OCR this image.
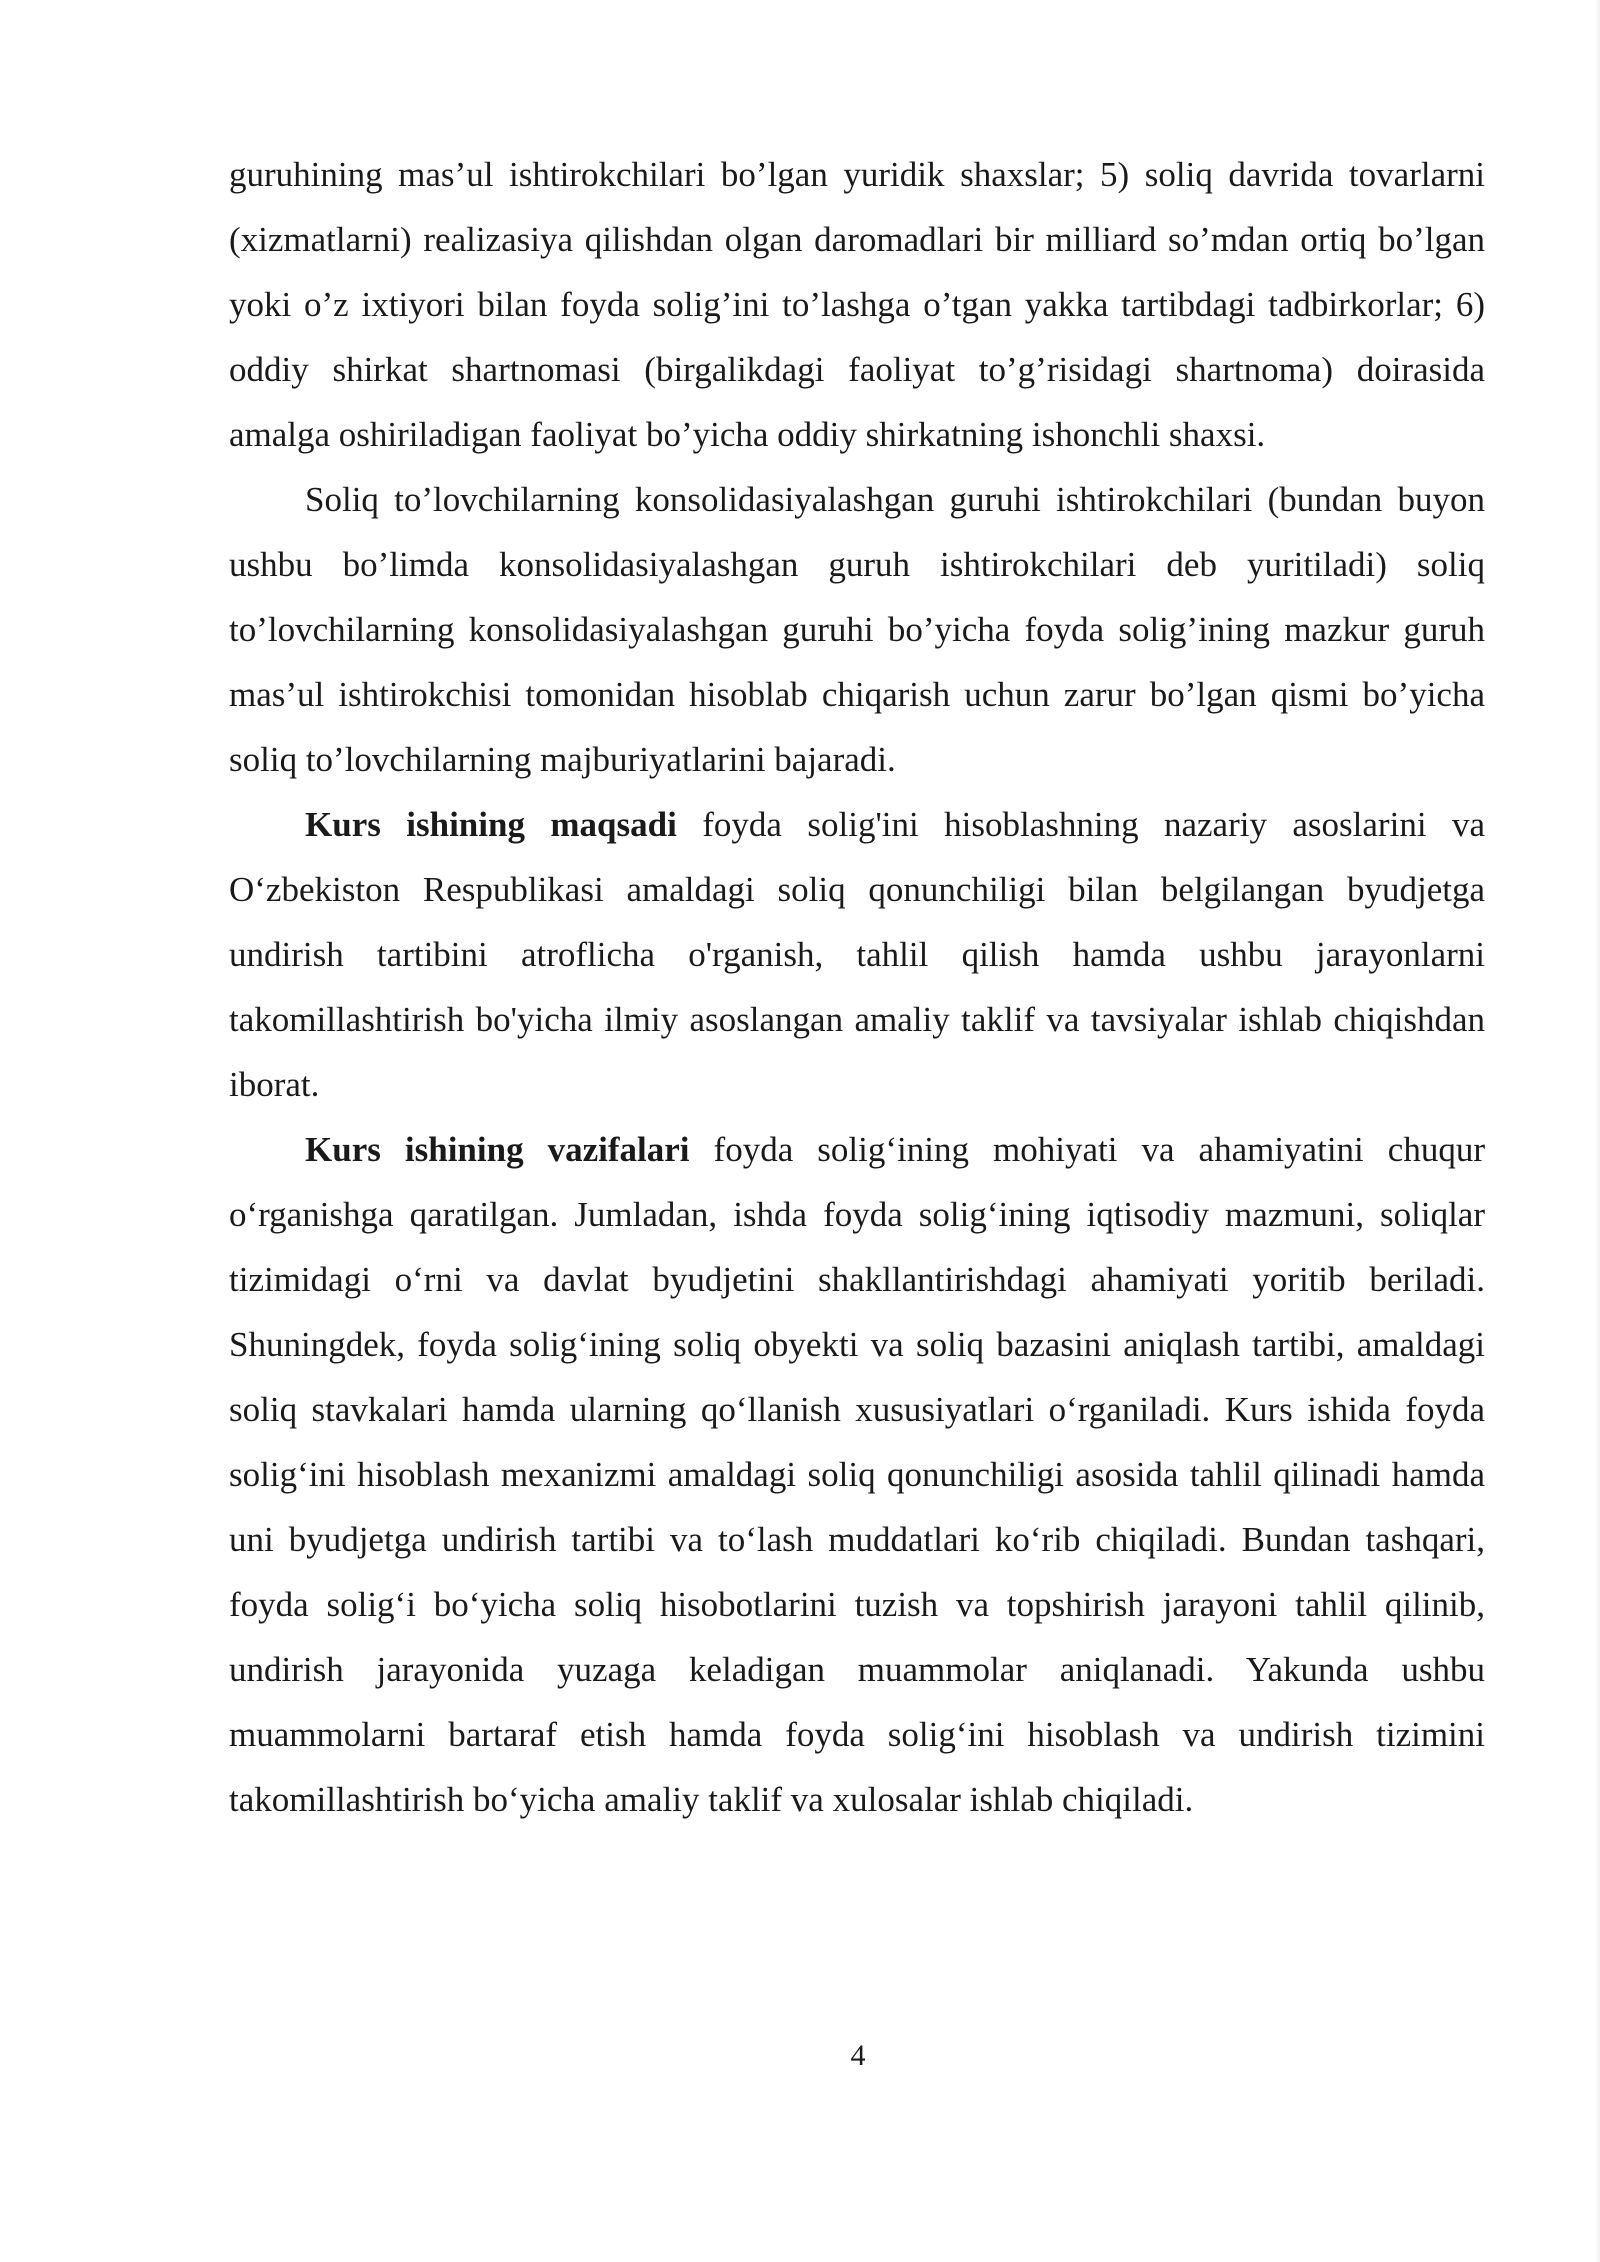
guruhining mas’ul ishtirokchilari bo’lgan yuridik shaxslar; 5) soliq davrida tovarlarni (xizmatlarni) realizasiya qilishdan olgan daromadlari bir milliard so’mdan ortiq bo’lgan yoki o’z ixtiyori bilan foyda solig’ini to’lashga o’tgan yakka tartibdagi tadbirkorlar; 6) oddiy shirkat shartnomasi (birgalikdagi faoliyat to’g’risidagi shartnoma) doirasida amalga oshiriladigan faoliyat bo’yicha oddiy shirkatning ishonchli shaxsi.

Soliq to’lovchilarning konsolidasiyalashgan guruhi ishtirokchilari (bundan buyon ushbu bo’limda konsolidasiyalashgan guruh ishtirokchilari deb yuritiladi) soliq to’lovchilarning konsolidasiyalashgan guruhi bo’yicha foyda solig’ining mazkur guruh mas’ul ishtirokchisi tomonidan hisoblab chiqarish uchun zarur bo’lgan qismi bo’yicha soliq to’lovchilarning majburiyatlarini bajaradi.

Kurs ishining maqsadi foyda solig'ini hisoblashning nazariy asoslarini va O‘zbekiston Respublikasi amaldagi soliq qonunchiligi bilan belgilangan byudjetga undirish tartibini atroflicha o'rganish, tahlil qilish hamda ushbu jarayonlarni takomillashtirish bo'yicha ilmiy asoslangan amaliy taklif va tavsiyalar ishlab chiqishdan iborat.

Kurs ishining vazifalari foyda solig‘ining mohiyati va ahamiyatini chuqur o‘rganishga qaratilgan. Jumladan, ishda foyda solig‘ining iqtisodiy mazmuni, soliqlar tizimidagi o‘rni va davlat byudjetini shakllantirishdagi ahamiyati yoritib beriladi. Shuningdek, foyda solig‘ining soliq obyekti va soliq bazasini aniqlash tartibi, amaldagi soliq stavkalari hamda ularning qo‘llanish xususiyatlari o‘rganiladi. Kurs ishida foyda solig‘ini hisoblash mexanizmi amaldagi soliq qonunchiligi asosida tahlil qilinadi hamda uni byudjetga undirish tartibi va to‘lash muddatlari ko‘rib chiqiladi. Bundan tashqari, foyda solig‘i bo‘yicha soliq hisobotlarini tuzish va topshirish jarayoni tahlil qilinib, undirish jarayonida yuzaga keladigan muammolar aniqlanadi. Yakunda ushbu muammolarni bartaraf etish hamda foyda solig‘ini hisoblash va undirish tizimini takomillashtirish bo‘yicha amaliy taklif va xulosalar ishlab chiqiladi.

4
